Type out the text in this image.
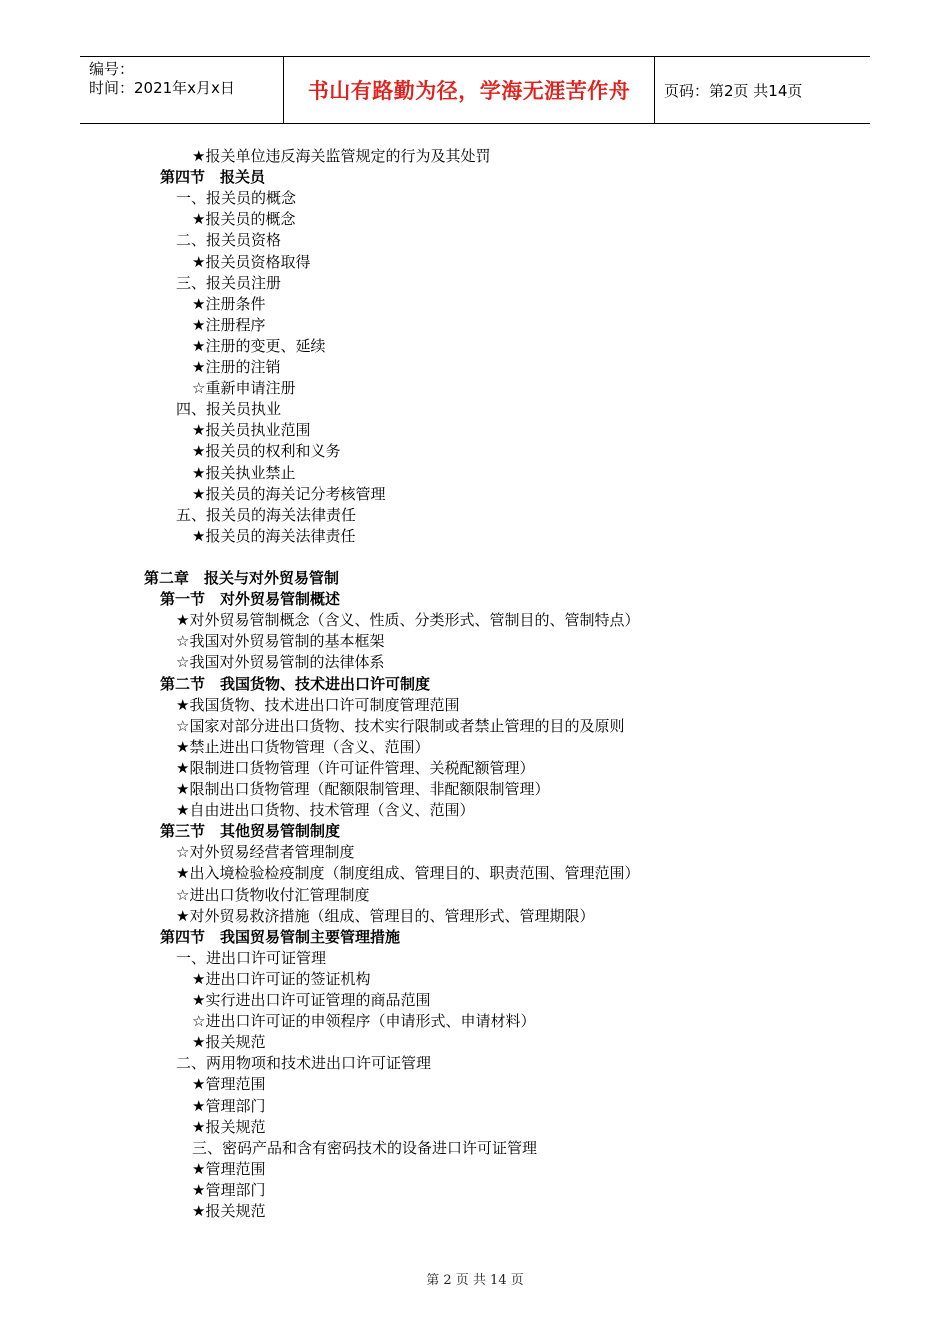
编号：
时间：2021年x月x日	书山有路勤为径，学海无涯苦作舟	页码：第2页 共14页
★报关单位违反海关监管规定的行为及其处罚
第四节　报关员
一、报关员的概念
★报关员的概念
二、报关员资格
★报关员资格取得
三、报关员注册
★注册条件
★注册程序
★注册的变更、延续
★注册的注销
☆重新申请注册
四、报关员执业
★报关员执业范围
★报关员的权利和义务
★报关执业禁止
★报关员的海关记分考核管理
五、报关员的海关法律责任
★报关员的海关法律责任
第二章　报关与对外贸易管制
第一节　对外贸易管制概述
★对外贸易管制概念（含义、性质、分类形式、管制目的、管制特点）
☆我国对外贸易管制的基本框架
☆我国对外贸易管制的法律体系
第二节　我国货物、技术进出口许可制度
★我国货物、技术进出口许可制度管理范围
☆国家对部分进出口货物、技术实行限制或者禁止管理的目的及原则
★禁止进出口货物管理（含义、范围）
★限制进口货物管理（许可证件管理、关税配额管理）
★限制出口货物管理（配额限制管理、非配额限制管理）
★自由进出口货物、技术管理（含义、范围）
第三节　其他贸易管制制度
☆对外贸易经营者管理制度
★出入境检验检疫制度（制度组成、管理目的、职责范围、管理范围）
☆进出口货物收付汇管理制度
★对外贸易救济措施（组成、管理目的、管理形式、管理期限）
第四节　我国贸易管制主要管理措施
一、进出口许可证管理
★进出口许可证的签证机构
★实行进出口许可证管理的商品范围
☆进出口许可证的申领程序（申请形式、申请材料）
★报关规范
二、两用物项和技术进出口许可证管理
★管理范围
★管理部门
★报关规范
三、密码产品和含有密码技术的设备进口许可证管理
★管理范围
★管理部门
★报关规范
第 2 页 共 14 页
